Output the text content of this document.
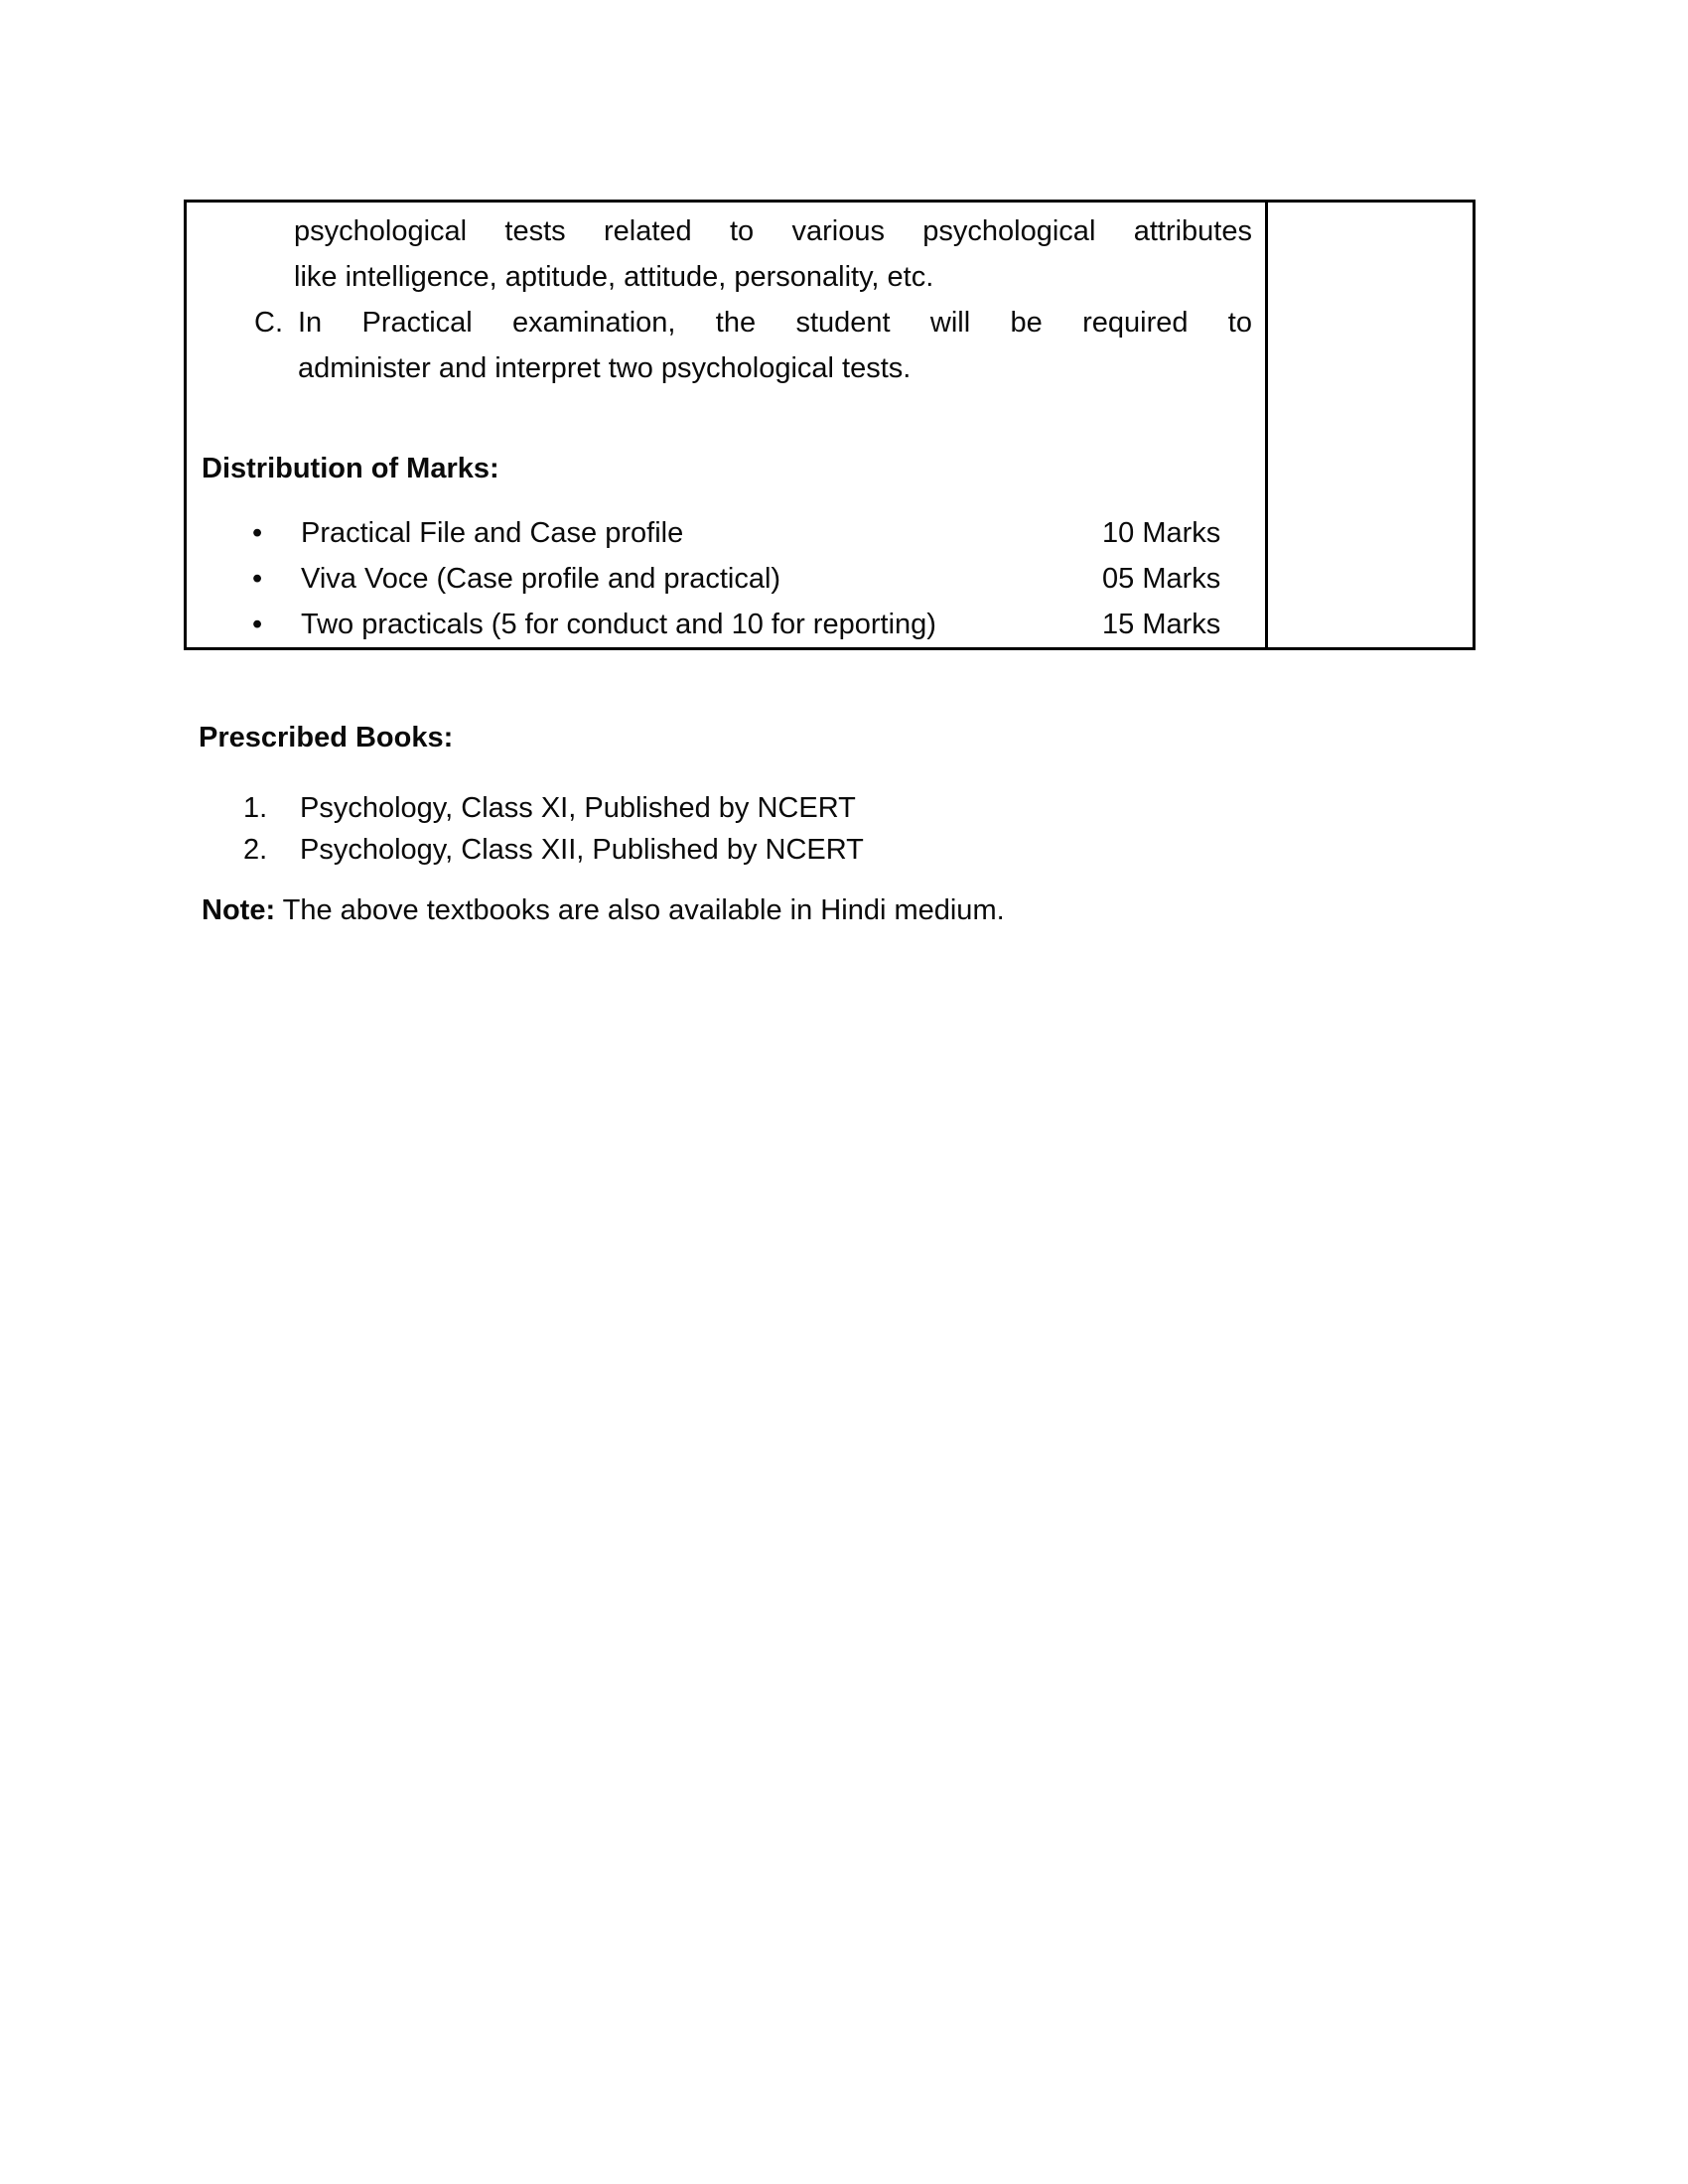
psychological tests related to various psychological attributes
like intelligence, aptitude, attitude, personality, etc.
C. In Practical examination, the student will be required to
administer and interpret two psychological tests.
Distribution of Marks:
•	Practical File and Case profile	10 Marks
•	Viva Voce (Case profile and practical)	05 Marks
•	Two practicals (5 for conduct and 10 for reporting)	15 Marks
Prescribed Books:
1.	Psychology, Class XI, Published by NCERT
2.	Psychology, Class XII, Published by NCERT
Note: The above textbooks are also available in Hindi medium.
